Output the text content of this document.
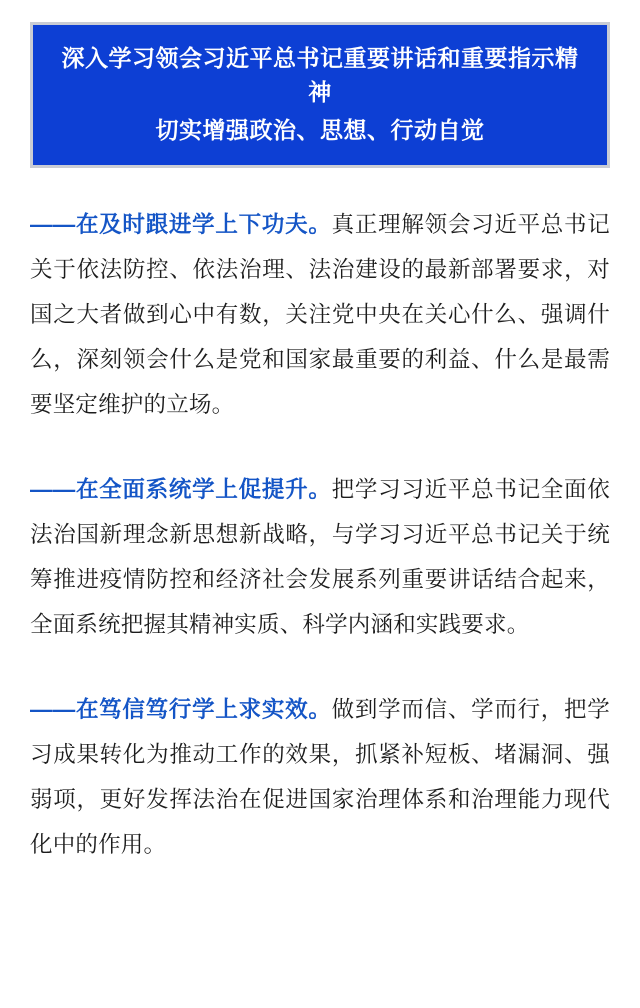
深入学习领会习近平总书记重要讲话和重要指示精神
切实增强政治、思想、行动自觉

——在及时跟进学上下功夫。真正理解领会习近平总书记关于依法防控、依法治理、法治建设的最新部署要求，对国之大者做到心中有数，关注党中央在关心什么、强调什么，深刻领会什么是党和国家最重要的利益、什么是最需要坚定维护的立场。

——在全面系统学上促提升。把学习习近平总书记全面依法治国新理念新思想新战略，与学习习近平总书记关于统筹推进疫情防控和经济社会发展系列重要讲话结合起来，全面系统把握其精神实质、科学内涵和实践要求。

——在笃信笃行学上求实效。做到学而信、学而行，把学习成果转化为推动工作的效果，抓紧补短板、堵漏洞、强弱项，更好发挥法治在促进国家治理体系和治理能力现代化中的作用。
